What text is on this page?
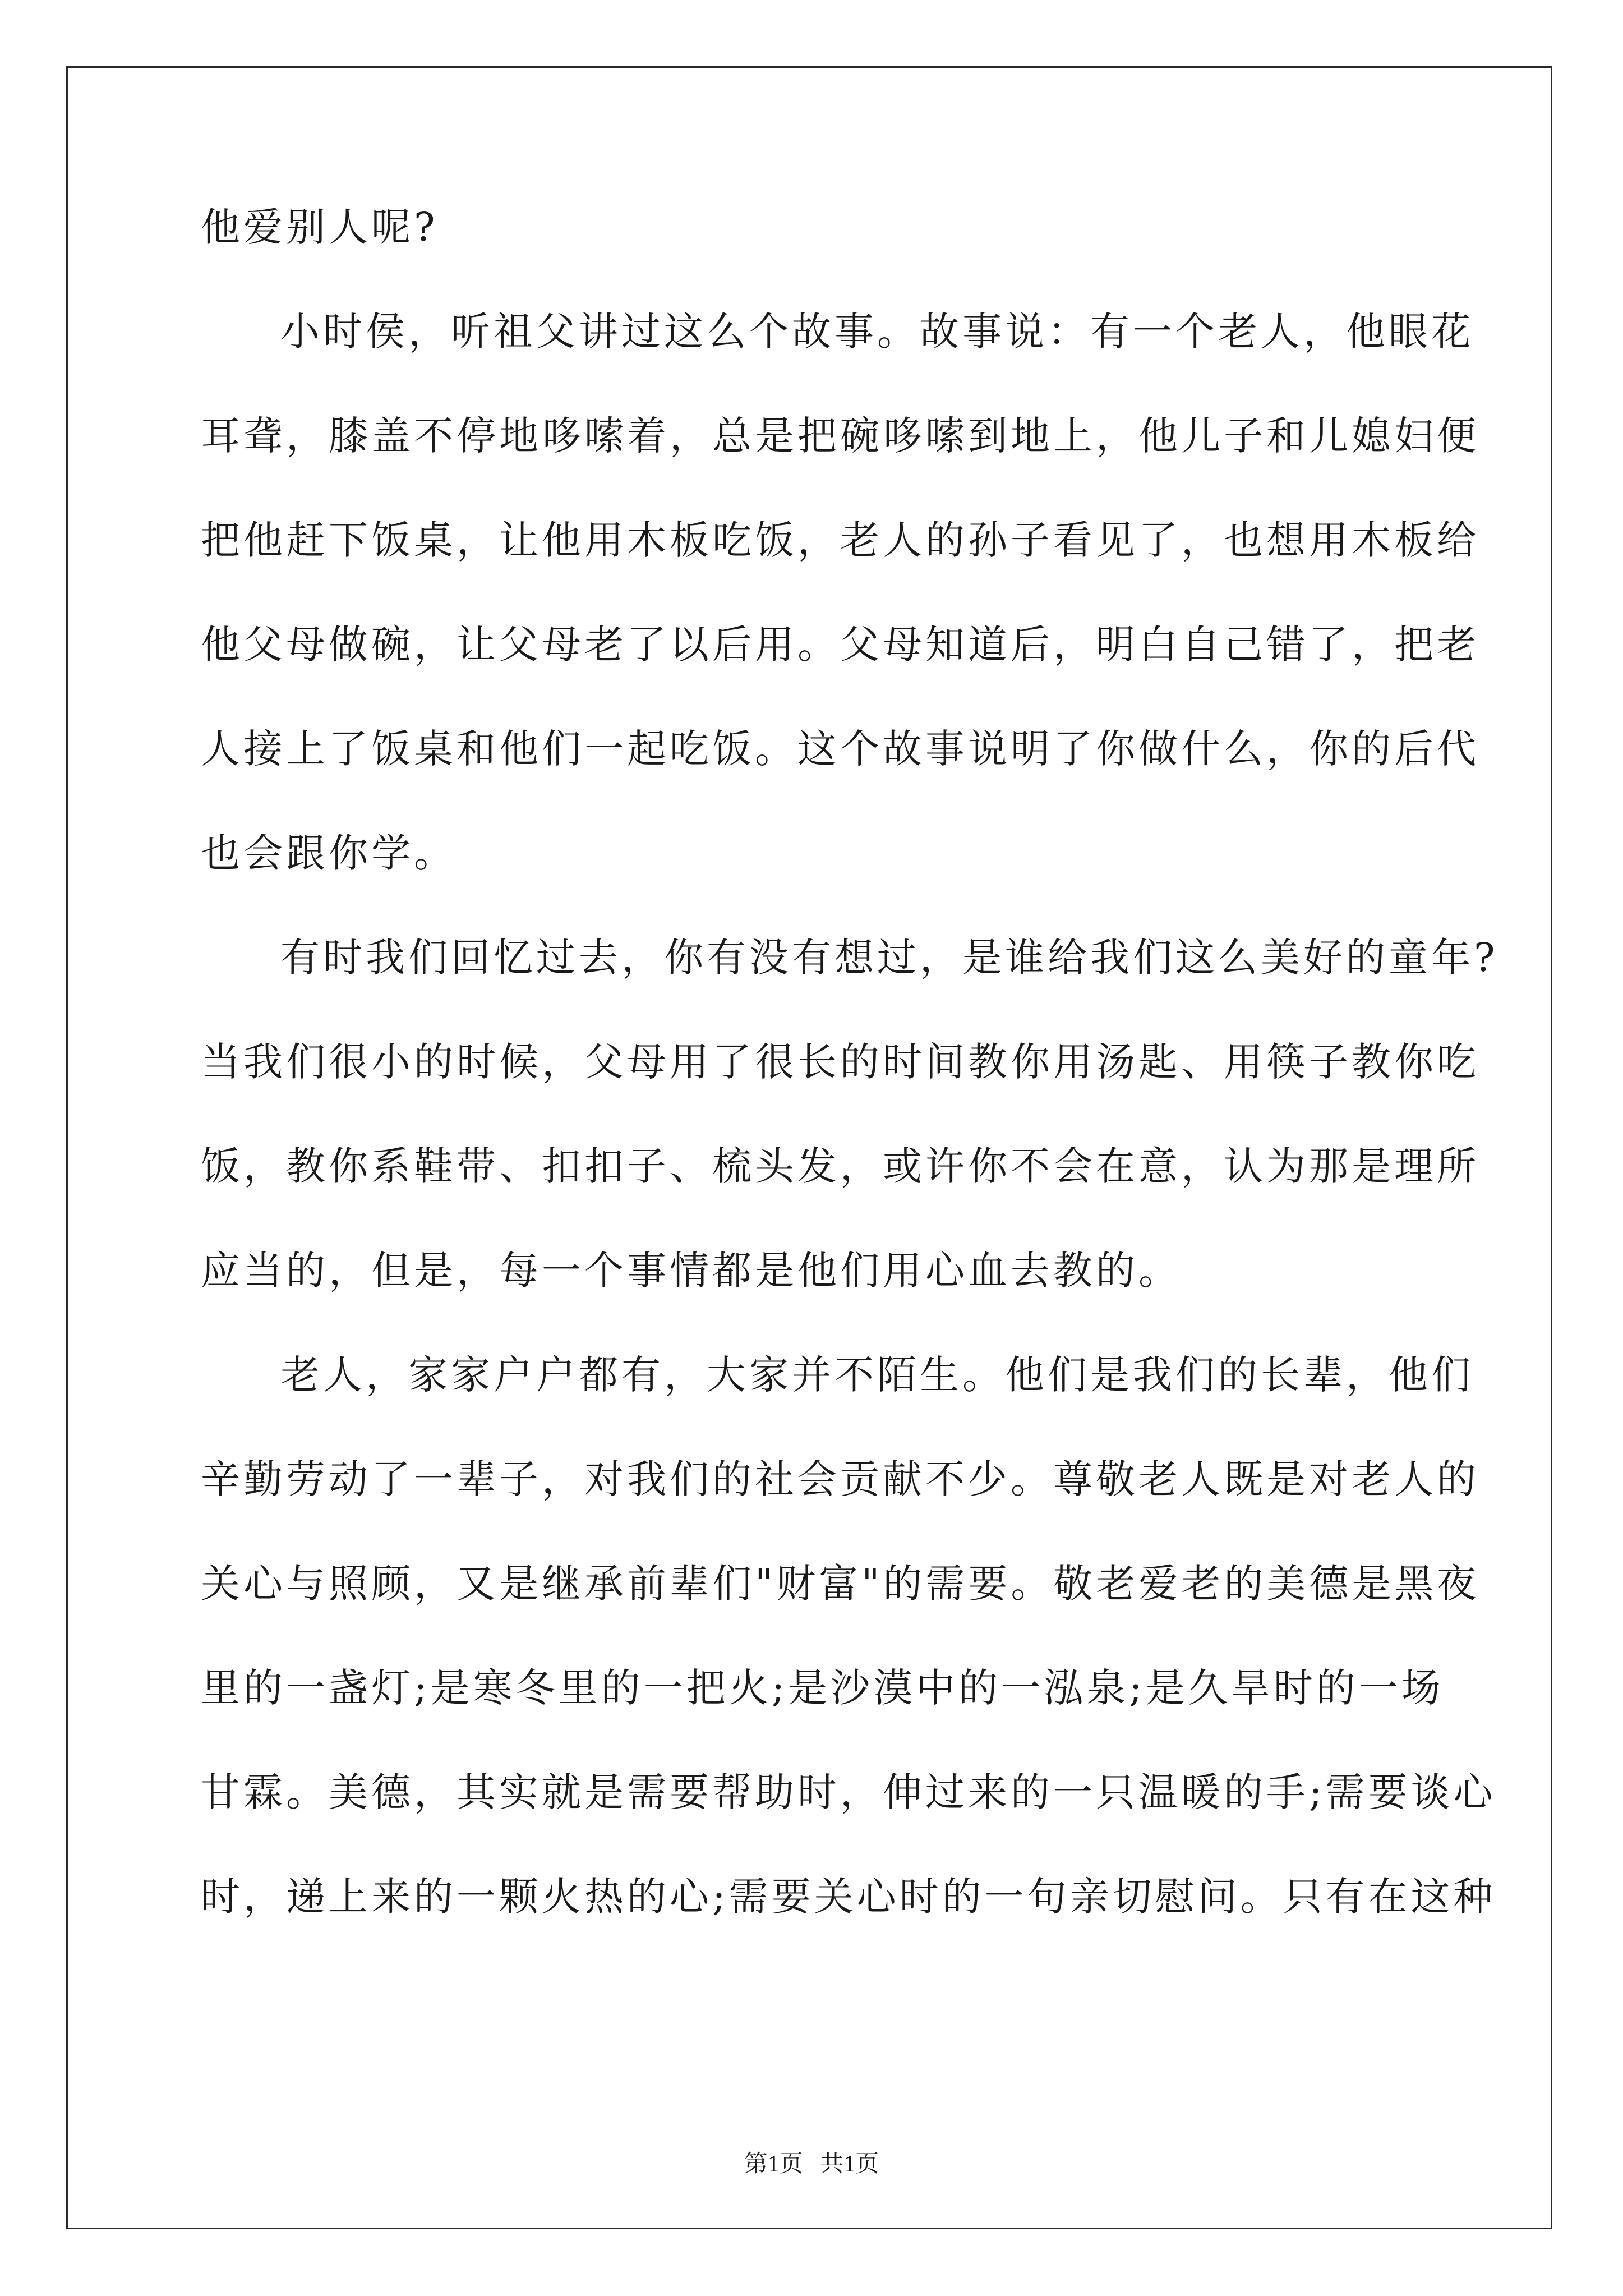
他爱别人呢?
小时侯，听祖父讲过这么个故事。故事说：有一个老人，他眼花
耳聋，膝盖不停地哆嗦着，总是把碗哆嗦到地上，他儿子和儿媳妇便
把他赶下饭桌，让他用木板吃饭，老人的孙子看见了，也想用木板给
他父母做碗，让父母老了以后用。父母知道后，明白自己错了，把老
人接上了饭桌和他们一起吃饭。这个故事说明了你做什么，你的后代
也会跟你学。
有时我们回忆过去，你有没有想过，是谁给我们这么美好的童年?
当我们很小的时候，父母用了很长的时间教你用汤匙、用筷子教你吃
饭，教你系鞋带、扣扣子、梳头发，或许你不会在意，认为那是理所
应当的，但是，每一个事情都是他们用心血去教的。
老人，家家户户都有，大家并不陌生。他们是我们的长辈，他们
辛勤劳动了一辈子，对我们的社会贡献不少。尊敬老人既是对老人的
关心与照顾，又是继承前辈们"财富"的需要。敬老爱老的美德是黑夜
里的一盏灯;是寒冬里的一把火;是沙漠中的一泓泉;是久旱时的一场
甘霖。美德，其实就是需要帮助时，伸过来的一只温暖的手;需要谈心
时，递上来的一颗火热的心;需要关心时的一句亲切慰问。只有在这种
第1页 共1页
